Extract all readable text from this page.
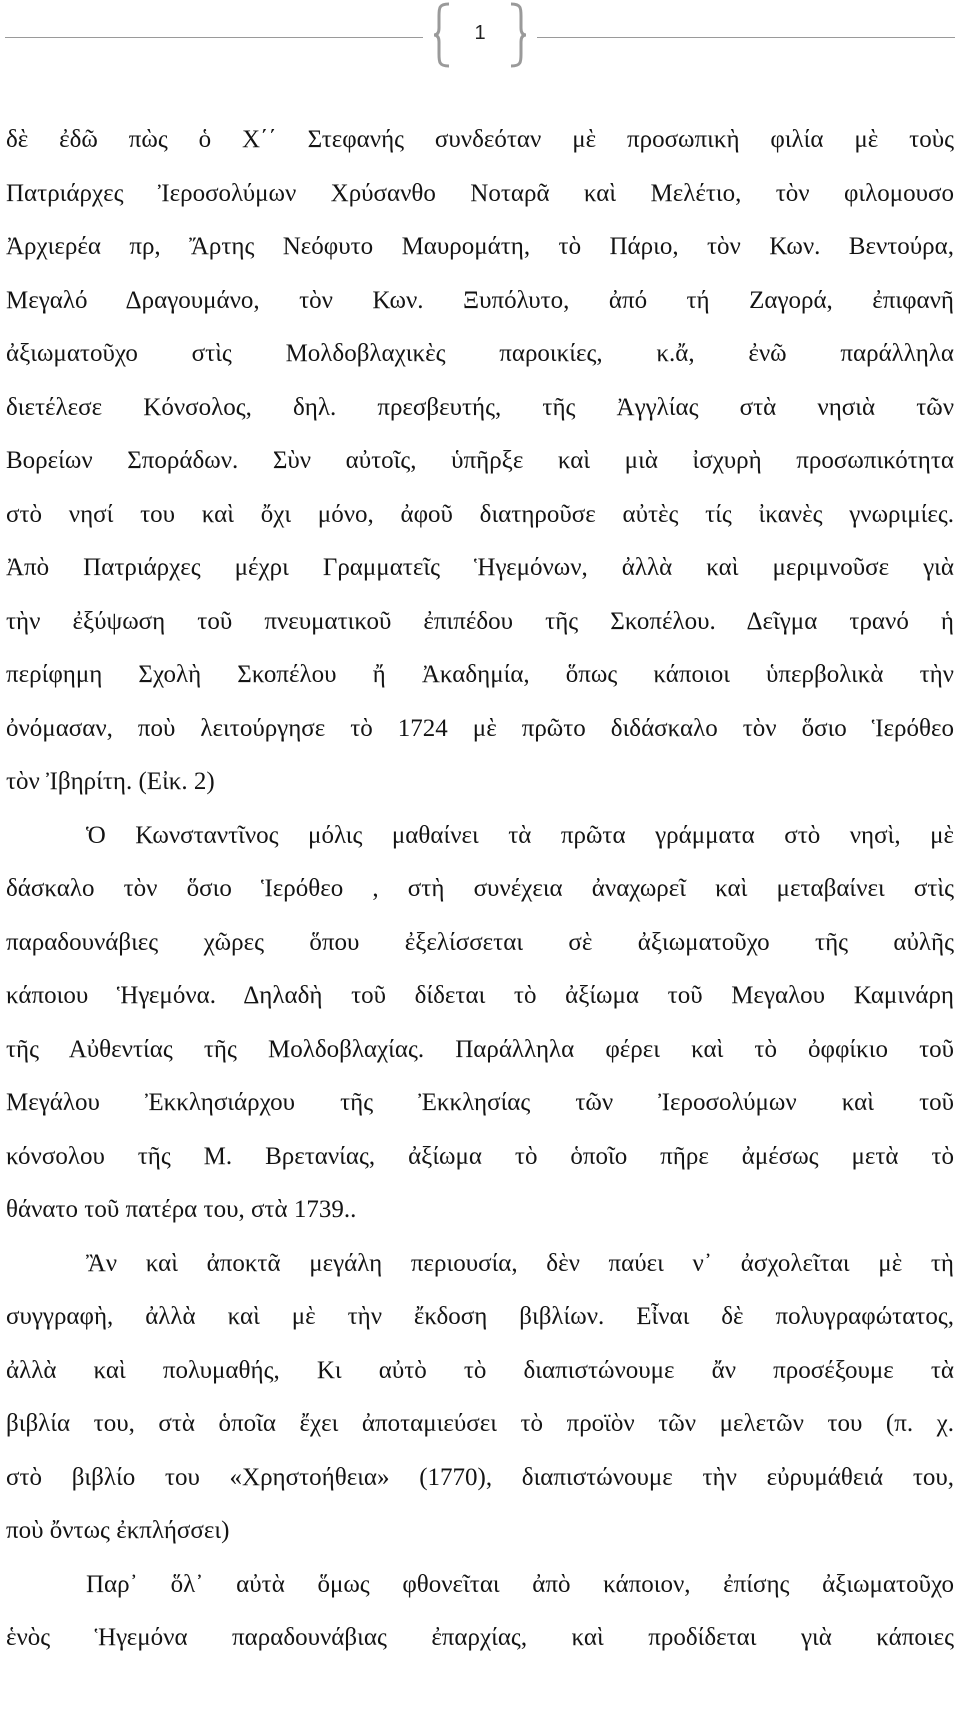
1
δὲ ἐδῶ πὼς ὁ Χ΄΄ Στεφανής συνδεόταν μὲ προσωπικὴ φιλία μὲ τοὺς
Πατριάρχες Ἰεροσολύμων Χρύσανθο Νοταρᾶ καὶ Μελέτιο, τὸν φιλομουσο
Ἀρχιερέα πρ, Ἄρτης Νεόφυτο Μαυρομάτη, τὸ Πάριο, τὸν Κων. Βεντούρα,
Μεγαλό Δραγουμάνο, τὸν Κων. Ξυπόλυτο, ἀπό τή Ζαγορά, ἐπιφανῆ
ἀξιωματοῦχο στὶς Μολδοβλαχικὲς παροικίες, κ.ἄ, ἐνῶ παράλληλα
διετέλεσε Κόνσολος, δηλ. πρεσβευτής, τῆς Ἀγγλίας στὰ νησιὰ τῶν
Βορείων Σποράδων. Σὺν αὐτοῖς, ὑπῆρξε καὶ μιὰ ἰσχυρὴ προσωπικότητα
στὸ νησί του καὶ ὄχι μόνο, ἀφοῦ διατηροῦσε αὐτὲς τίς ἰκανὲς γνωριμίες.
Ἀπὸ Πατριάρχες μέχρι Γραμματεῖς Ἡγεμόνων, ἀλλὰ καὶ μεριμνοῦσε γιὰ
τὴν ἐξύψωση τοῦ πνευματικοῦ ἐπιπέδου τῆς Σκοπέλου. Δεῖγμα τρανό ἡ
περίφημη Σχολὴ Σκοπέλου ἤ Ἀκαδημία, ὅπως κάποιοι ὑπερβολικὰ τὴν
ὀνόμασαν, ποὺ λειτούργησε τὸ 1724 μὲ πρῶτο διδάσκαλο τὸν ὅσιο Ἱερόθεο
τὸν Ἰβηρίτη. (Εἰκ. 2)
Ὁ Κωνσταντῖνος μόλις μαθαίνει τὰ πρῶτα γράμματα στὸ νησὶ, μὲ
δάσκαλο τὸν ὅσιο Ἱερόθεο , στὴ συνέχεια ἀναχωρεῖ καὶ μεταβαίνει στὶς
παραδουνάβιες χῶρες ὅπου ἐξελίσσεται σὲ ἀξιωματοῦχο τῆς αὐλῆς
κάποιου Ἡγεμόνα. Δηλαδὴ τοῦ δίδεται τὸ ἀξίωμα τοῦ Μεγαλου Καμινάρη
τῆς Αὐθεντίας τῆς Μολδοβλαχίας. Παράλληλα φέρει καὶ τὸ ὀφφίκιο τοῦ
Μεγάλου Ἐκκλησιάρχου τῆς Ἐκκλησίας τῶν Ἰεροσολύμων καὶ τοῦ
κόνσολου τῆς Μ. Βρετανίας, ἀξίωμα τὸ ὁποῖο πῆρε ἀμέσως μετὰ τὸ
θάνατο τοῦ πατέρα του, στὰ 1739..
Ἂν καὶ ἀποκτᾶ μεγάλη περιουσία, δὲν παύει ν᾽ ἀσχολεῖται μὲ τὴ
συγγραφὴ, ἀλλὰ καὶ μὲ τὴν ἔκδοση βιβλίων. Εἶναι δὲ πολυγραφώτατος,
ἀλλὰ καὶ πολυμαθής, Κι αὐτὸ τὸ διαπιστώνουμε ἄν προσέξουμε τὰ
βιβλία του, στὰ ὁποῖα ἔχει ἀποταμιεύσει τὸ προϊὸν τῶν μελετῶν του (π. χ.
στὸ βιβλίο του «Χρηστοήθεια» (1770), διαπιστώνουμε τὴν εὐρυμάθειά του,
ποὺ ὄντως ἐκπλήσσει)
Παρ᾽ ὅλ᾽ αὐτὰ ὅμως φθονεῖται ἀπὸ κάποιον, ἐπίσης ἀξιωματοῦχο
ἑνὸς Ἡγεμόνα παραδουνάβιας ἐπαρχίας, καὶ προδίδεται γιὰ κάποιες
